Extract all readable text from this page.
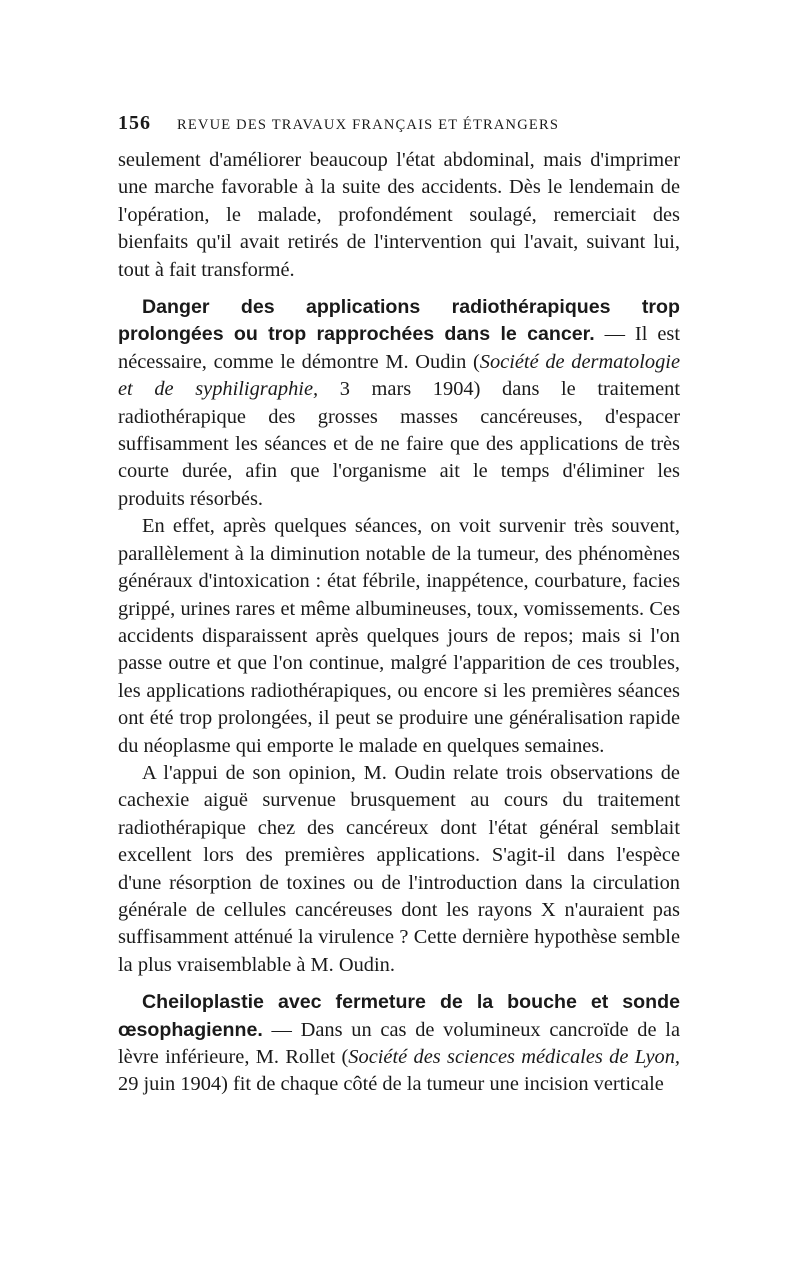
156 REVUE DES TRAVAUX FRANÇAIS ET ÉTRANGERS

seulement d'améliorer beaucoup l'état abdominal, mais d'imprimer une marche favorable à la suite des accidents. Dès le lendemain de l'opération, le malade, profondément soulagé, remerciait des bienfaits qu'il avait retirés de l'intervention qui l'avait, suivant lui, tout à fait transformé.

Danger des applications radiothérapiques trop prolongées ou trop rapprochées dans le cancer. — Il est nécessaire, comme le démontre M. Oudin (Société de dermatologie et de syphiligraphie, 3 mars 1904) dans le traitement radiothérapique des grosses masses cancéreuses, d'espacer suffisamment les séances et de ne faire que des applications de très courte durée, afin que l'organisme ait le temps d'éliminer les produits résorbés.

En effet, après quelques séances, on voit survenir très souvent, parallèlement à la diminution notable de la tumeur, des phénomènes généraux d'intoxication : état fébrile, inappétence, courbature, facies grippé, urines rares et même albumineuses, toux, vomissements. Ces accidents disparaissent après quelques jours de repos; mais si l'on passe outre et que l'on continue, malgré l'apparition de ces troubles, les applications radiothérapiques, ou encore si les premières séances ont été trop prolongées, il peut se produire une généralisation rapide du néoplasme qui emporte le malade en quelques semaines.

A l'appui de son opinion, M. Oudin relate trois observations de cachexie aiguë survenue brusquement au cours du traitement radiothérapique chez des cancéreux dont l'état général semblait excellent lors des premières applications. S'agit-il dans l'espèce d'une résorption de toxines ou de l'introduction dans la circulation générale de cellules cancéreuses dont les rayons X n'auraient pas suffisamment atténué la virulence ? Cette dernière hypothèse semble la plus vraisemblable à M. Oudin.

Cheiloplastie avec fermeture de la bouche et sonde œsophagienne. — Dans un cas de volumineux cancroïde de la lèvre inférieure, M. Rollet (Société des sciences médicales de Lyon, 29 juin 1904) fit de chaque côté de la tumeur une incision verticale
